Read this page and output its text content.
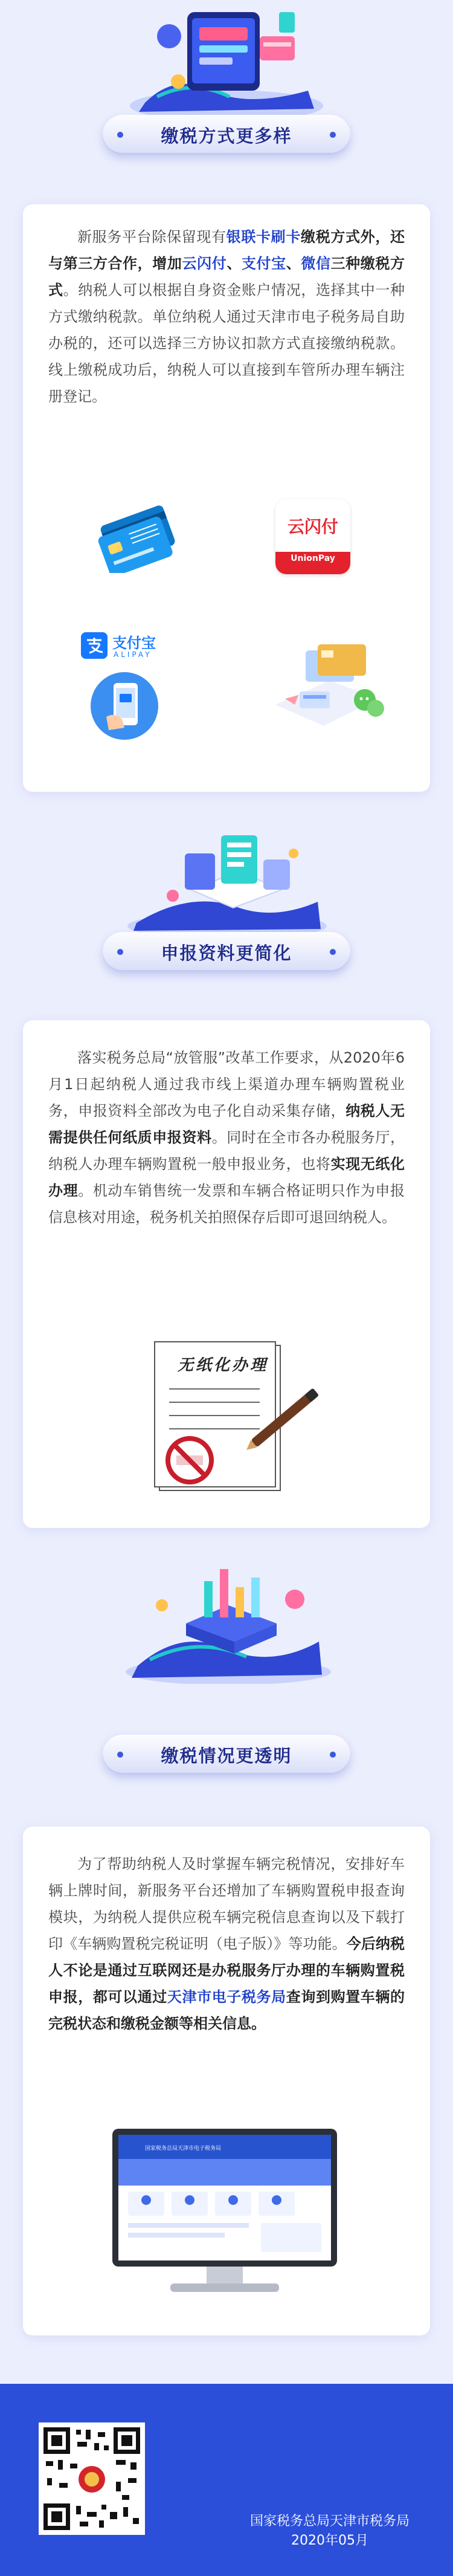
缴税方式更多样

新服务平台除保留现有银联卡刷卡缴税方式外，还与第三方合作，增加云闪付、支付宝、微信三种缴税方式。纳税人可以根据自身资金账户情况，选择其中一种方式缴纳税款。单位纳税人通过天津市电子税务局自助办税的，还可以选择三方协议扣款方式直接缴纳税款。线上缴税成功后，纳税人可以直接到车管所办理车辆注册登记。

云闪付
UnionPay
支付宝
ALIPAY
申报资料更简化

落实税务总局“放管服”改革工作要求，从2020年6月1日起纳税人通过我市线上渠道办理车辆购置税业务，申报资料全部改为电子化自动采集存储，纳税人无需提供任何纸质申报资料。同时在全市各办税服务厅，纳税人办理车辆购置税一般申报业务，也将实现无纸化办理。机动车销售统一发票和车辆合格证明只作为申报信息核对用途，税务机关拍照保存后即可退回纳税人。

无纸化办理
缴税情况更透明

为了帮助纳税人及时掌握车辆完税情况，安排好车辆上牌时间，新服务平台还增加了车辆购置税申报查询模块，为纳税人提供应税车辆完税信息查询以及下载打印《车辆购置税完税证明（电子版）》等功能。今后纳税人不论是通过互联网还是办税服务厅办理的车辆购置税申报，都可以通过天津市电子税务局查询到购置车辆的完税状态和缴税金额等相关信息。

国家税务总局天津市电子税务局
国家税务总局天津市税务局
2020年05月
